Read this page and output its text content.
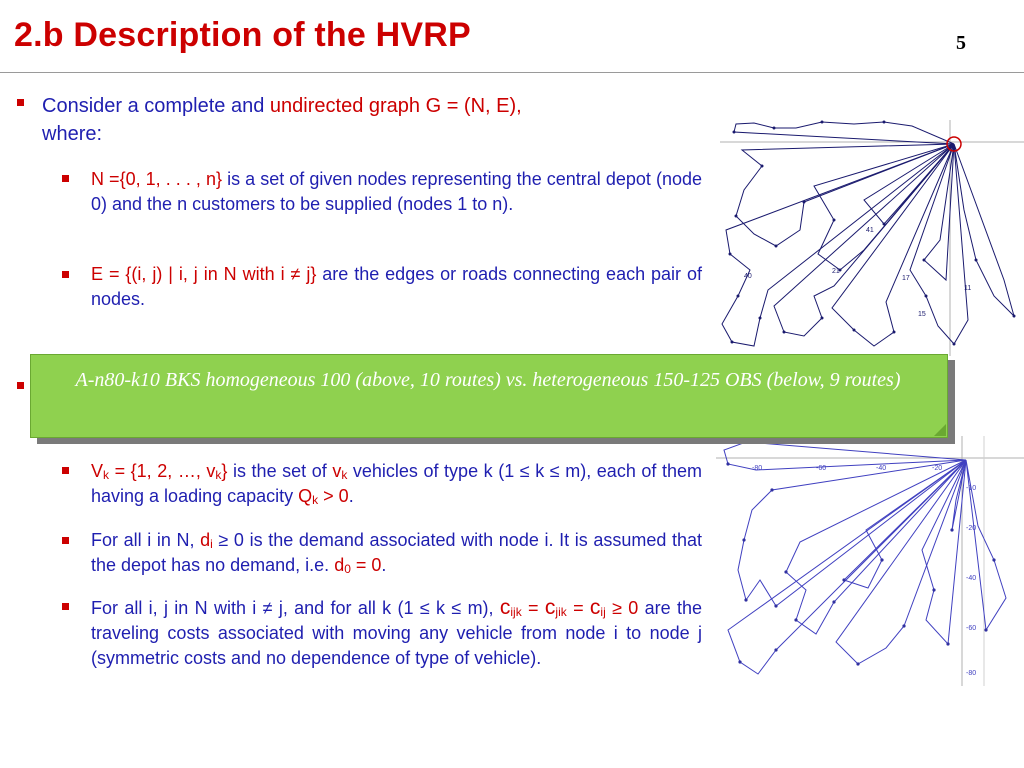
2.b Description of the HVRP	5
Consider a complete and undirected graph G = (N, E),
where:
N ={0, 1, . . . , n} is a set of given nodes representing the central depot (node 0) and the n customers to be supplied (nodes 1 to n).
E = {(i, j) | i, j in N with i ≠ j} are the edges or roads connecting each pair of nodes.
$V_k = \{1$, 2, …, $v_k$} is the set of $v_k$ vehicles of type k (1 ≤ k ≤ m), each of them having a loading capacity $Q_k > 0$.
For all i in N, $d_i \ge 0$ is the demand associated with node i. It is assumed that the depot has no demand, i.e. $d_0 = 0$.
For all i, j in N with i ≠ j, and for all k (1 ≤ k ≤ m), $c_{ijk} = c_{jik} = c_{ij} \ge 0$ are the traveling costs associated with moving any vehicle from node i to node j (symmetric costs and no dependence of type of vehicle).
40
21
41
17
15
11
-80	-60	-40	-20
-10
-20
-40
-60
-80
A-n80-k10 BKS homogeneous 100 (above, 10 routes) vs. heterogeneous 150-125 OBS (below, 9 routes)
